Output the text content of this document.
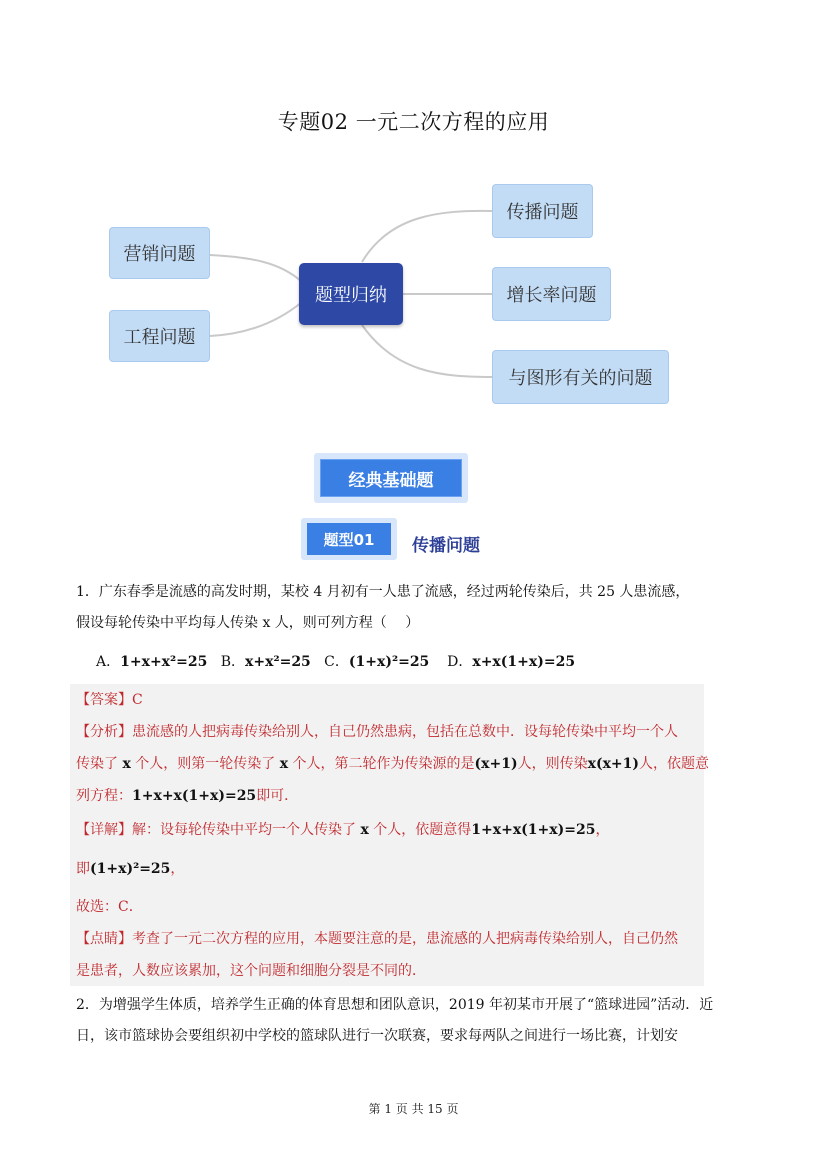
专题02 一元二次方程的应用
营销问题
工程问题
题型归纳
传播问题
增长率问题
与图形有关的问题
经典基础题
题型01	传播问题
1．广东春季是流感的高发时期，某校 4 月初有一人患了流感，经过两轮传染后，共 25 人患流感，
假设每轮传染中平均每人传染 x 人，则可列方程（　 ）
A．1+x+x²=25 B．x+x²=25 C．(1+x)²=25 D．x+x(1+x)=25
【答案】C
【分析】患流感的人把病毒传染给别人，自己仍然患病，包括在总数中．设每轮传染中平均一个人
传染了 x 个人，则第一轮传染了 x 个人，第二轮作为传染源的是(x+1)人，则传染x(x+1)人，依题意
列方程：1+x+x(1+x)=25即可．
【详解】解：设每轮传染中平均一个人传染了 x 个人，依题意得1+x+x(1+x)=25，
即(1+x)²=25，
故选：C．
【点睛】考查了一元二次方程的应用，本题要注意的是，患流感的人把病毒传染给别人，自己仍然
是患者，人数应该累加，这个问题和细胞分裂是不同的．
2．为增强学生体质，培养学生正确的体育思想和团队意识，2019 年初某市开展了“篮球进园”活动．近
日，该市篮球协会要组织初中学校的篮球队进行一次联赛，要求每两队之间进行一场比赛，计划安
第 1 页 共 15 页
